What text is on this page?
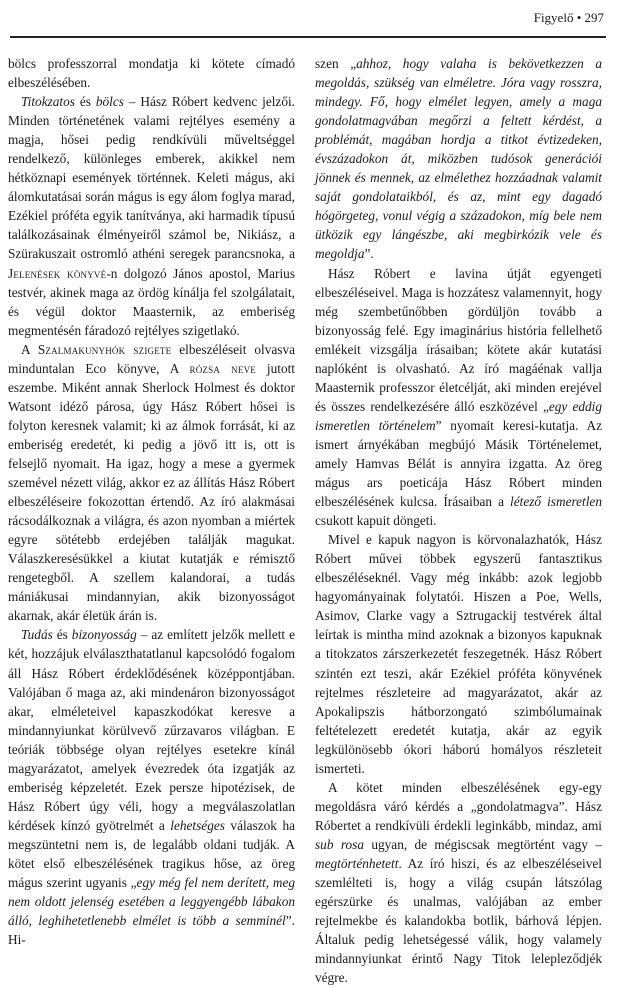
Figyelő • 297

bölcs professzorral mondatja ki kötete címadó elbeszélésében.

Titokzatos és bölcs – Hász Róbert kedvenc jelzői. Minden történetének valami rejtélyes esemény a magja, hősei pedig rendkívüli műveltséggel rendelkező, különleges emberek, akikkel nem hétköznapi események történnek. Keleti mágus, aki álomkutatásai során mágus is egy álom foglya marad, Ezékiel próféta egyik tanítványa, aki harmadik típusú találkozásainak élményeiről számol be, Nikiász, a Szürakuszait ostromló athéni seregek parancsnoka, a Jelenések könyvé-n dolgozó János apostol, Marius testvér, akinek maga az ördög kínálja fel szolgálatait, és végül doktor Maasternik, az emberiség megmentésén fáradozó rejtélyes szigetlakó.

A Szalmakunyhók szigete elbeszéléseit olvasva minduntalan Eco könyve, A rózsa neve jutott eszembe. Miként annak Sherlock Holmest és doktor Watsont idéző párosa, úgy Hász Róbert hősei is folyton keresnek valamit; ki az álmok forrását, ki az emberiség eredetét, ki pedig a jövő itt is, ott is felsejlő nyomait. Ha igaz, hogy a mese a gyermek szemével nézett világ, akkor ez az állítás Hász Róbert elbeszéléseire fokozottan értendő. Az író alakmásai rácsodálkoznak a világra, és azon nyomban a miértek egyre sötétebb erdejében találják magukat. Válaszkeresésükkel a kiutat kutatják e rémisztő rengetegből. A szellem kalandorai, a tudás mániákusai mindannyian, akik bizonyosságot akarnak, akár életük árán is.

Tudás és bizonyosság – az említett jelzők mellett e két, hozzájuk elválaszthatatlanul kapcsolódó fogalom áll Hász Róbert érdeklődésének középpontjában. Valójában ő maga az, aki mindenáron bizonyosságot akar, elméleteivel kapaszkodókat keresve a mindannyiunkat körülvevő zűrzavaros világban. E teóriák többsége olyan rejtélyes esetekre kínál magyarázatot, amelyek évezredek óta izgatják az emberiség képzeletét. Ezek persze hipotézisek, de Hász Róbert úgy véli, hogy a megválaszolatlan kérdések kínzó gyötrelmét a lehetséges válaszok ha megszüntetni nem is, de legalább oldani tudják. A kötet első elbeszélésének tragikus hőse, az öreg mágus szerint ugyanis „egy még fel nem derített, meg nem oldott jelenség esetében a leggyengébb lábakon álló, leghihetetlenebb elmélet is több a semminél”. Hi-

szen „ahhoz, hogy valaha is bekövetkezzen a megoldás, szükség van elméletre. Jóra vagy rosszra, mindegy. Fő, hogy elmélet legyen, amely a maga gondolatmagvában megőrzi a feltett kérdést, a problémát, magában hordja a titkot évtizedeken, évszázadokon át, miközben tudósok generációi jönnek és mennek, az elmélethez hozzáadnak valamit saját gondolataikból, és az, mint egy dagadó hógörgeteg, vonul végig a századokon, míg bele nem ütközik egy lángészbe, aki megbirkózik vele és megoldja”.

Hász Róbert e lavina útját egyengeti elbeszéléseivel. Maga is hozzátesz valamennyit, hogy még szembetűnőbben gördüljön tovább a bizonyosság felé. Egy imaginárius história fellelhető emlékeit vizsgálja írásaiban; kötete akár kutatási naplóként is olvasható. Az író magáénak vallja Maasternik professzor életcélját, aki minden erejével és összes rendelkezésére álló eszközével „egy eddig ismeretlen történelem” nyomait keresi-kutatja. Az ismert árnyékában megbújó Másik Történelemet, amely Hamvas Bélát is annyira izgatta. Az öreg mágus ars poeticája Hász Róbert minden elbeszélésének kulcsa. Írásaiban a létező ismeretlen csukott kapuit döngeti.

Mivel e kapuk nagyon is körvonalazhatók, Hász Róbert művei többek egyszerű fantasztikus elbeszéléseknél. Vagy még inkább: azok legjobb hagyományainak folytatói. Hiszen a Poe, Wells, Asimov, Clarke vagy a Sztrugackij testvérek által leírtak is mintha mind azoknak a bizonyos kapuknak a titokzatos zárszerkezetét feszegetnék. Hász Róbert szintén ezt teszi, akár Ezékiel próféta könyvének rejtelmes részleteire ad magyarázatot, akár az Apokalipszis hátborzongató szimbólumainak feltételezett eredetét kutatja, akár az egyik legkülönösebb ókori háború homályos részleteit ismerteti.

A kötet minden elbeszélésének egy-egy megoldásra váró kérdés a „gondolatmagva”. Hász Róbertet a rendkívüli érdekli leginkább, mindaz, ami sub rosa ugyan, de mégiscsak megtörtént vagy – megtörténhetett. Az író hiszi, és az elbeszéléseivel szemlélteti is, hogy a világ csupán látszólag egérszürke és unalmas, valójában az ember rejtelmekbe és kalandokba botlik, bárhová lépjen. Általuk pedig lehetségessé válik, hogy valamely mindannyiunkat érintő Nagy Titok lelepleződjék végre.
